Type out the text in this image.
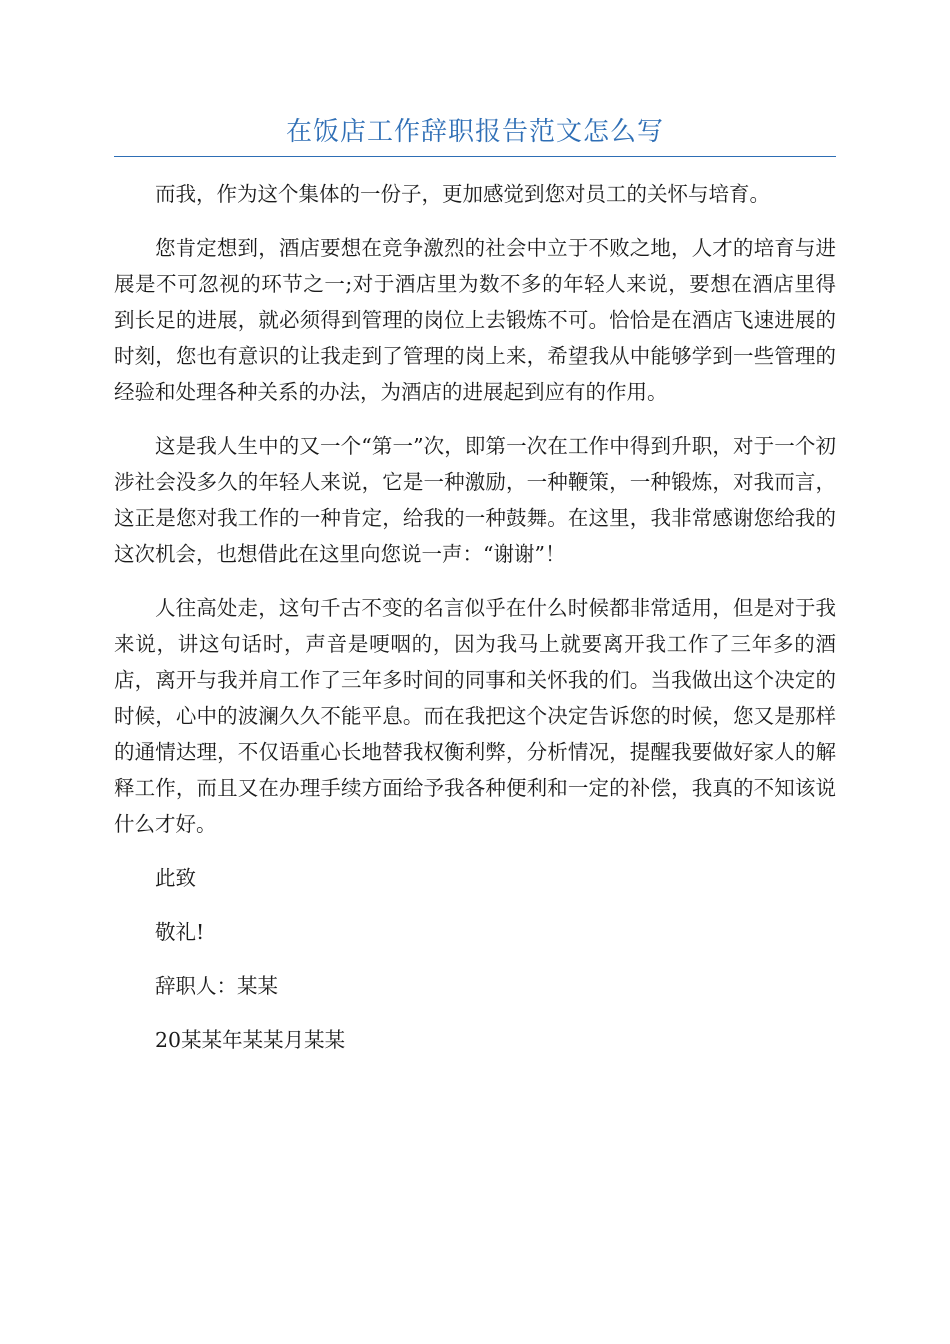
在饭店工作辞职报告范文怎么写

而我，作为这个集体的一份子，更加感觉到您对员工的关怀与培育。

您肯定想到，酒店要想在竞争激烈的社会中立于不败之地，人才的培育与进展是不可忽视的环节之一;对于酒店里为数不多的年轻人来说，要想在酒店里得到长足的进展，就必须得到管理的岗位上去锻炼不可。恰恰是在酒店飞速进展的时刻，您也有意识的让我走到了管理的岗上来，希望我从中能够学到一些管理的经验和处理各种关系的办法，为酒店的进展起到应有的作用。

这是我人生中的又一个“第一”次，即第一次在工作中得到升职，对于一个初涉社会没多久的年轻人来说，它是一种激励，一种鞭策，一种锻炼，对我而言，这正是您对我工作的一种肯定，给我的一种鼓舞。在这里，我非常感谢您给我的这次机会，也想借此在这里向您说一声：“谢谢”！

人往高处走，这句千古不变的名言似乎在什么时候都非常适用，但是对于我来说，讲这句话时，声音是哽咽的，因为我马上就要离开我工作了三年多的酒店，离开与我并肩工作了三年多时间的同事和关怀我的们。当我做出这个决定的时候，心中的波澜久久不能平息。而在我把这个决定告诉您的时候，您又是那样的通情达理，不仅语重心长地替我权衡利弊，分析情况，提醒我要做好家人的解释工作，而且又在办理手续方面给予我各种便利和一定的补偿，我真的不知该说什么才好。

此致

敬礼!

辞职人：某某

20某某年某某月某某
